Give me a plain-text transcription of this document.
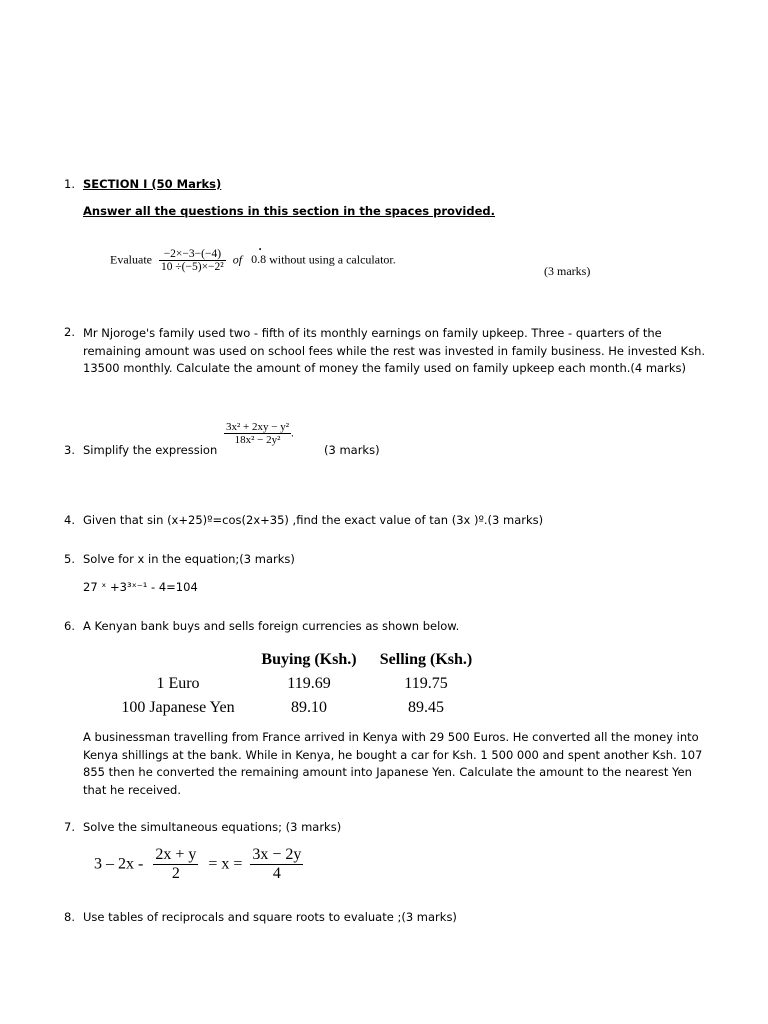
1. SECTION I (50 Marks)
Answer all the questions in this section in the spaces provided.
Evaluate $\frac{-2\times-3-(-4)}{\text{10 ÷(−5)×−2²}}$ of
·
0.8 without using a calculator.
(3 marks)
2. Mr Njoroge's family used two - fifth of its monthly earnings on family upkeep. Three - quarters of the remaining amount was used on school fees while the rest was invested in family business. He invested Ksh. 13500 monthly. Calculate the amount of money the family used on family upkeep each month.(4 marks)
$\frac{\text{3x² + 2xy − y²}}{\text{18x² − 2y²}}$ .
3. Simplify the expression	(3 marks)
4. Given that sin (x+25)º=cos(2x+35) ,find the exact value of tan (3x )º.(3 marks)
5. Solve for x in the equation;(3 marks)
27 ˣ +3³ˣ⁻¹ - 4=104
6. A Kenyan bank buys and sells foreign currencies as shown below.
	Buying (Ksh.)	Selling (Ksh.)
1 Euro	119.69	119.75
100 Japanese Yen	89.10	89.45
A businessman travelling from France arrived in Kenya with 29 500 Euros. He converted all the money into Kenya shillings at the bank. While in Kenya, he bought a car for Ksh. 1 500 000 and spent another Ksh. 107 855 then he converted the remaining amount into Japanese Yen. Calculate the amount to the nearest Yen that he received.
7. Solve the simultaneous equations; (3 marks)
$3 - 2x - \frac{2x + y}{2} = x = \frac{3x - 2y}{4}$
8. Use tables of reciprocals and square roots to evaluate ;(3 marks)
